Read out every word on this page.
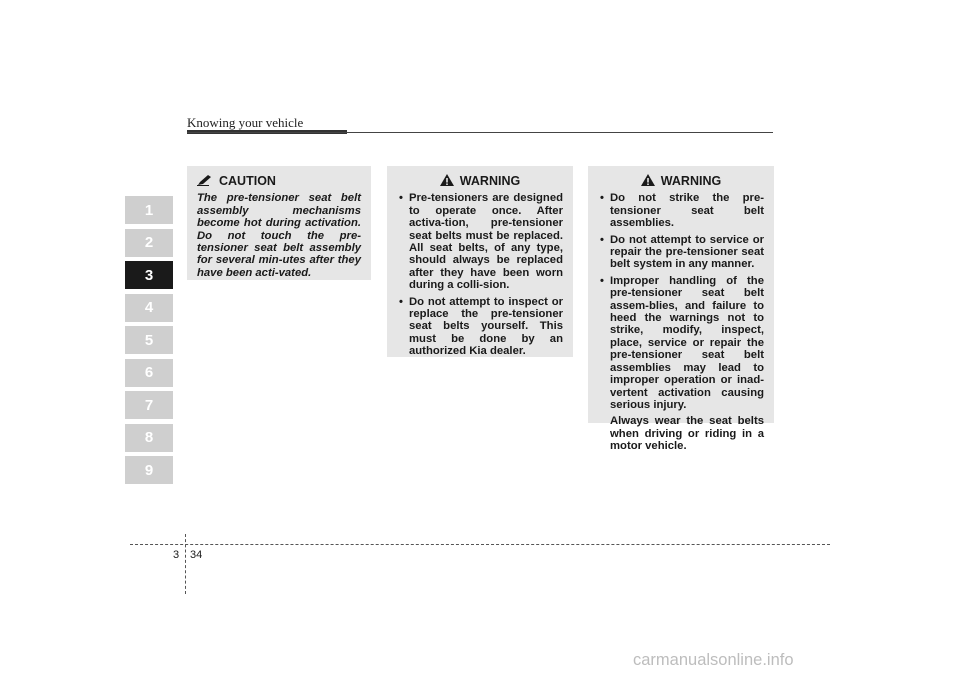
Knowing your vehicle
1
2
3
4
5
6
7
8
9
CAUTION
The pre-tensioner seat belt assembly mechanisms become hot during activation. Do not touch the pre-tensioner seat belt assembly for several min-utes after they have been acti-vated.
WARNING
• Pre-tensioners are designed to operate once. After activa-tion, pre-tensioner seat belts must be replaced. All seat belts, of any type, should always be replaced after they have been worn during a colli-sion.
• Do not attempt to inspect or replace the pre-tensioner seat belts yourself. This must be done by an authorized Kia dealer.
WARNING
• Do not strike the pre-tensioner seat belt assemblies.
• Do not attempt to service or repair the pre-tensioner seat belt system in any manner.
• Improper handling of the pre-tensioner seat belt assem-blies, and failure to heed the warnings not to strike, modify, inspect, place, service or repair the pre-tensioner seat belt assemblies may lead to improper operation or inad-vertent activation causing serious injury.
Always wear the seat belts when driving or riding in a motor vehicle.
3 34
carmanualsonline.info
